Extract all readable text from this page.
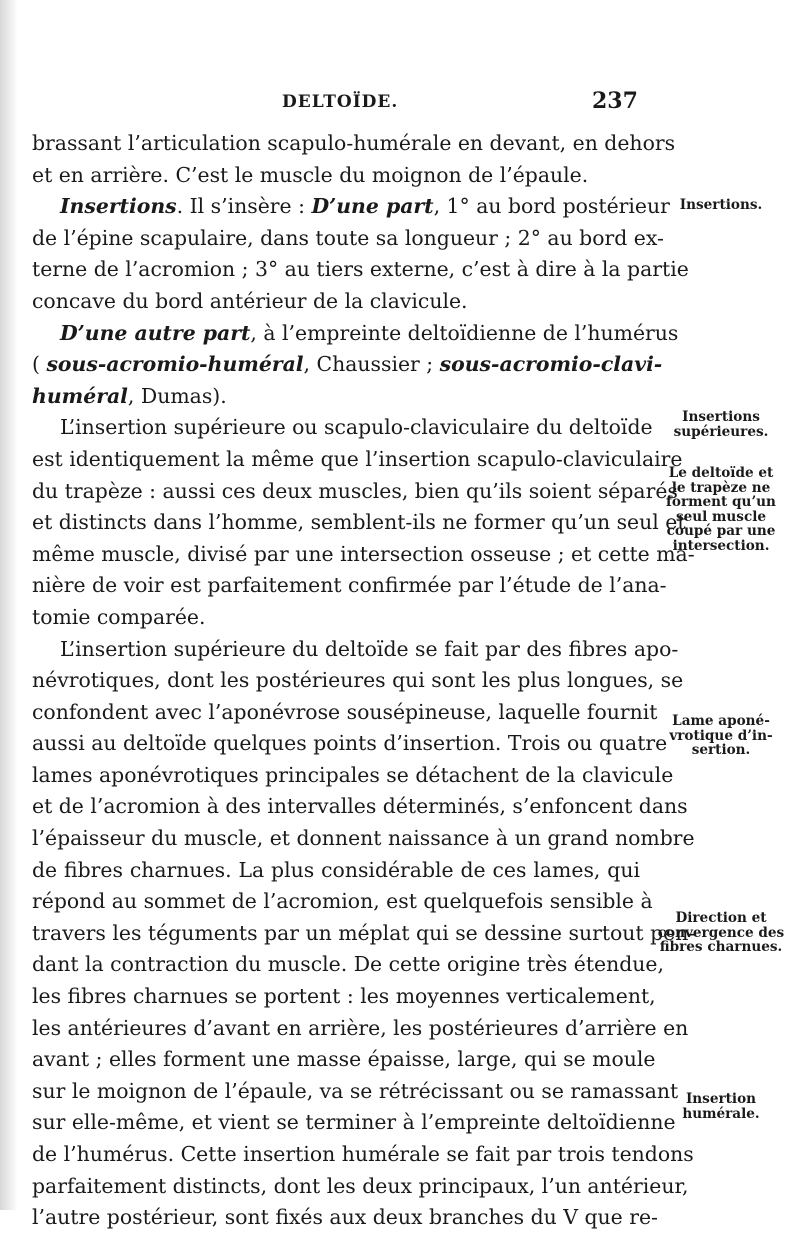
DELTOÏDE.	237
brassant l’articulation scapulo-humérale en devant, en dehors
et en arrière. C’est le muscle du moignon de l’épaule.
Insertions. Il s’insère : D’une part, 1° au bord postérieur
de l’épine scapulaire, dans toute sa longueur ; 2° au bord ex-
terne de l’acromion ; 3° au tiers externe, c’est à dire à la partie
concave du bord antérieur de la clavicule.
D’une autre part, à l’empreinte deltoïdienne de l’humérus
( sous-acromio-huméral, Chaussier ; sous-acromio-clavi-
huméral, Dumas).
L’insertion supérieure ou scapulo-claviculaire du deltoïde
est identiquement la même que l’insertion scapulo-claviculaire
du trapèze : aussi ces deux muscles, bien qu’ils soient séparés
et distincts dans l’homme, semblent-ils ne former qu’un seul et
même muscle, divisé par une intersection osseuse ; et cette ma-
nière de voir est parfaitement confirmée par l’étude de l’ana-
tomie comparée.
L’insertion supérieure du deltoïde se fait par des fibres apo-
névrotiques, dont les postérieures qui sont les plus longues, se
confondent avec l’aponévrose sousépineuse, laquelle fournit
aussi au deltoïde quelques points d’insertion. Trois ou quatre
lames aponévrotiques principales se détachent de la clavicule
et de l’acromion à des intervalles déterminés, s’enfoncent dans
l’épaisseur du muscle, et donnent naissance à un grand nombre
de fibres charnues. La plus considérable de ces lames, qui
répond au sommet de l’acromion, est quelquefois sensible à
travers les téguments par un méplat qui se dessine surtout pen-
dant la contraction du muscle. De cette origine très étendue,
les fibres charnues se portent : les moyennes verticalement,
les antérieures d’avant en arrière, les postérieures d’arrière en
avant ; elles forment une masse épaisse, large, qui se moule
sur le moignon de l’épaule, va se rétrécissant ou se ramassant
sur elle-même, et vient se terminer à l’empreinte deltoïdienne
de l’humérus. Cette insertion humérale se fait par trois tendons
parfaitement distincts, dont les deux principaux, l’un antérieur,
l’autre postérieur, sont fixés aux deux branches du V que re-
Insertions.
Insertions
supérieures.
Le deltoïde et
le trapèze ne
forment qu’un
seul muscle
coupé par une
intersection.
Lame aponé-
vrotique d’in-
sertion.
Direction et
convergence des
fibres charnues.
Insertion
humérale.
